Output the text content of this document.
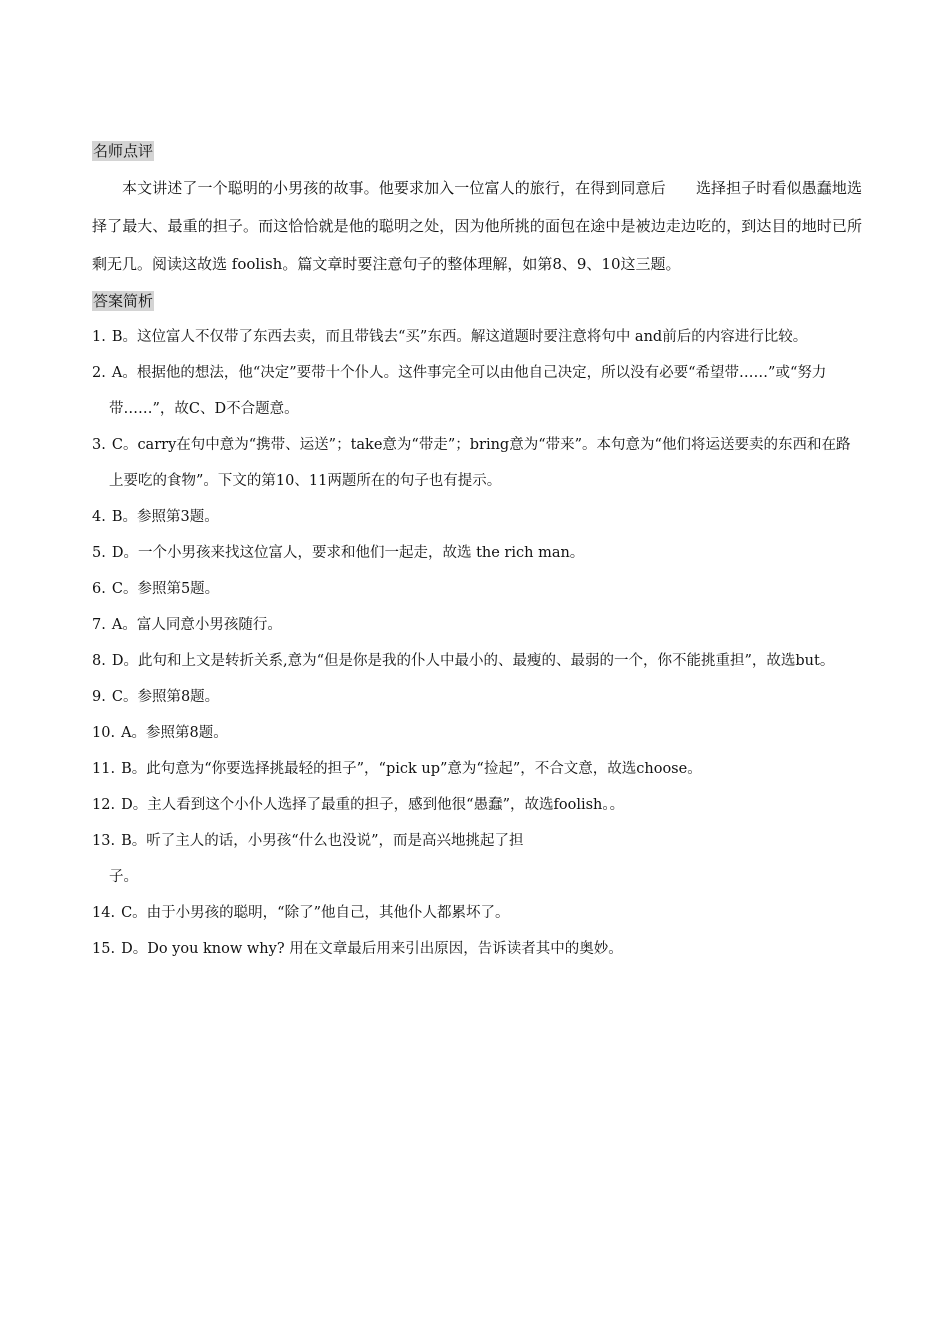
名师点评

本文讲述了一个聪明的小男孩的故事。他要求加入一位富人的旅行，在得到同意后　　选择担子时看似愚蠢地选择了最大、最重的担子。而这恰恰就是他的聪明之处，因为他所挑的面包在途中是被边走边吃的，到达目的地时已所剩无几。阅读这故选 foolish。篇文章时要注意句子的整体理解，如第8、9、10这三题。

答案简析
1. B。这位富人不仅带了东西去卖，而且带钱去“买”东西。解这道题时要注意将句中 and前后的内容进行比较。
2. A。根据他的想法，他“决定”要带十个仆人。这件事完全可以由他自己决定，所以没有必要“希望带……”或“努力带……”，故C、D不合题意。
3. C。carry在句中意为“携带、运送”；take意为“带走”；bring意为“带来”。本句意为“他们将运送要卖的东西和在路上要吃的食物”。下文的第10、11两题所在的句子也有提示。
4. B。参照第3题。
5. D。一个小男孩来找这位富人，要求和他们一起走，故选 the rich man。
6. C。参照第5题。
7. A。富人同意小男孩随行。
8. D。此句和上文是转折关系,意为“但是你是我的仆人中最小的、最瘦的、最弱的一个，你不能挑重担”，故选but。
9. C。参照第8题。
10. A。参照第8题。
11. B。此句意为“你要选择挑最轻的担子”，“pick up”意为“捡起”，不合文意，故选choose。
12. D。主人看到这个小仆人选择了最重的担子，感到他很“愚蠢”，故选foolish。。
13. B。听了主人的话，小男孩“什么也没说”，而是高兴地挑起了担
子。
14. C。由于小男孩的聪明，“除了”他自己，其他仆人都累坏了。
15. D。Do you know why? 用在文章最后用来引出原因，告诉读者其中的奥妙。
